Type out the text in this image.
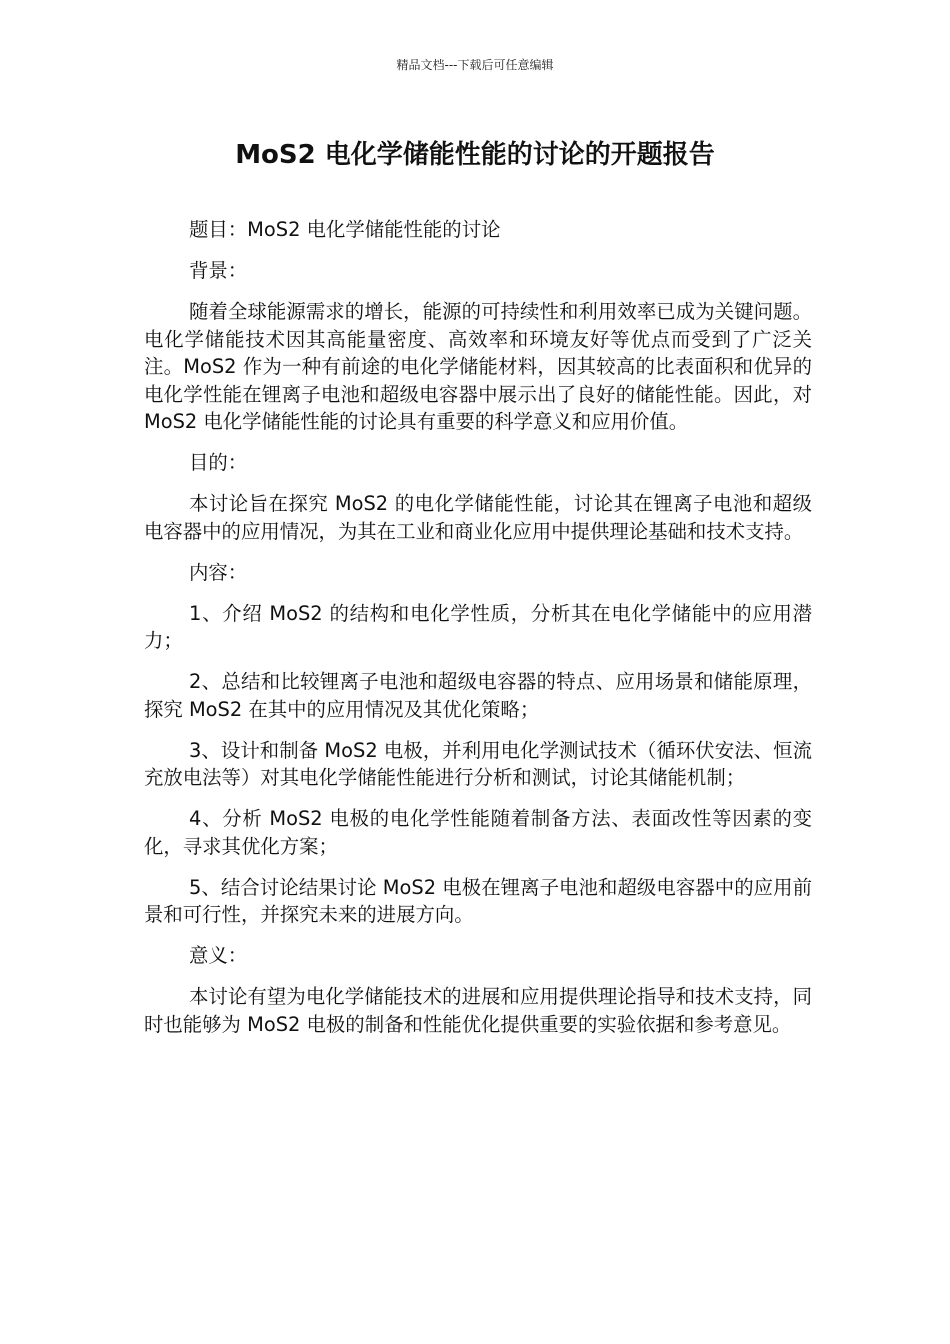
精品文档---下载后可任意编辑
MoS2 电化学储能性能的讨论的开题报告

题目：MoS2 电化学储能性能的讨论

背景：

随着全球能源需求的增长，能源的可持续性和利用效率已成为关键问题。电化学储能技术因其高能量密度、高效率和环境友好等优点而受到了广泛关注。MoS2 作为一种有前途的电化学储能材料，因其较高的比表面积和优异的电化学性能在锂离子电池和超级电容器中展示出了良好的储能性能。因此，对 MoS2 电化学储能性能的讨论具有重要的科学意义和应用价值。

目的：

本讨论旨在探究 MoS2 的电化学储能性能，讨论其在锂离子电池和超级电容器中的应用情况，为其在工业和商业化应用中提供理论基础和技术支持。

内容：

1、介绍 MoS2 的结构和电化学性质，分析其在电化学储能中的应用潜力；

2、总结和比较锂离子电池和超级电容器的特点、应用场景和储能原理，探究 MoS2 在其中的应用情况及其优化策略；

3、设计和制备 MoS2 电极，并利用电化学测试技术（循环伏安法、恒流充放电法等）对其电化学储能性能进行分析和测试，讨论其储能机制；

4、分析 MoS2 电极的电化学性能随着制备方法、表面改性等因素的变化，寻求其优化方案；

5、结合讨论结果讨论 MoS2 电极在锂离子电池和超级电容器中的应用前景和可行性，并探究未来的进展方向。

意义：

本讨论有望为电化学储能技术的进展和应用提供理论指导和技术支持，同时也能够为 MoS2 电极的制备和性能优化提供重要的实验依据和参考意见。
